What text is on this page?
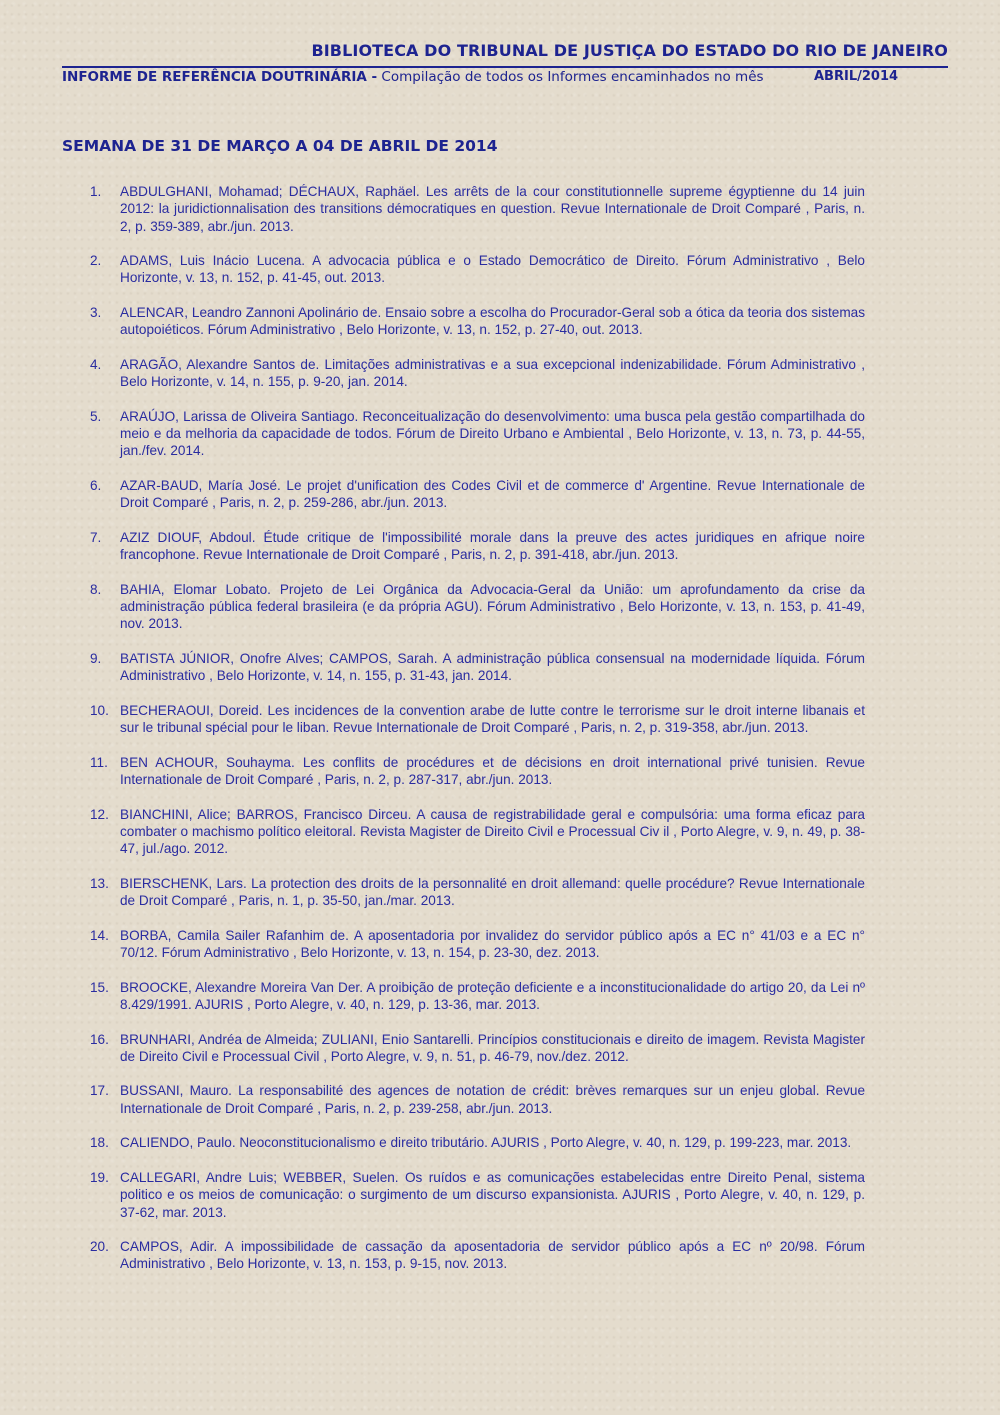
BIBLIOTECA DO TRIBUNAL DE JUSTIÇA DO ESTADO DO RIO DE JANEIRO
INFORME DE REFERÊNCIA DOUTRINÁRIA - Compilação de todos os Informes encaminhados no mês	ABRIL/2014
SEMANA DE 31 DE MARÇO A 04 DE ABRIL DE 2014
1.	ABDULGHANI, Mohamad; DÉCHAUX, Raphäel. Les arrêts de la cour constitutionnelle supreme égyptienne du 14 juin 2012: la juridictionnalisation des transitions démocratiques en question. Revue Internationale de Droit Comparé , Paris, n. 2, p. 359-389, abr./jun. 2013.
2.	ADAMS, Luis Inácio Lucena. A advocacia pública e o Estado Democrático de Direito. Fórum Administrativo , Belo Horizonte, v. 13, n. 152, p. 41-45, out. 2013.
3.	ALENCAR, Leandro Zannoni Apolinário de. Ensaio sobre a escolha do Procurador-Geral sob a ótica da teoria dos sistemas autopoiéticos. Fórum Administrativo , Belo Horizonte, v. 13, n. 152, p. 27-40, out. 2013.
4.	ARAGÃO, Alexandre Santos de. Limitações administrativas e a sua excepcional indenizabilidade. Fórum Administrativo , Belo Horizonte, v. 14, n. 155, p. 9-20, jan. 2014.
5.	ARAÚJO, Larissa de Oliveira Santiago. Reconceitualização do desenvolvimento: uma busca pela gestão compartilhada do meio e da melhoria da capacidade de todos. Fórum de Direito Urbano e Ambiental , Belo Horizonte, v. 13, n. 73, p. 44-55, jan./fev. 2014.
6.	AZAR-BAUD, María José. Le projet d'unification des Codes Civil et de commerce d' Argentine. Revue Internationale de Droit Comparé , Paris, n. 2, p. 259-286, abr./jun. 2013.
7.	AZIZ DIOUF, Abdoul. Étude critique de l'impossibilité morale dans la preuve des actes juridiques en afrique noire francophone. Revue Internationale de Droit Comparé , Paris, n. 2, p. 391-418, abr./jun. 2013.
8.	BAHIA, Elomar Lobato. Projeto de Lei Orgânica da Advocacia-Geral da União: um aprofundamento da crise da administração pública federal brasileira (e da própria AGU). Fórum Administrativo , Belo Horizonte, v. 13, n. 153, p. 41-49, nov. 2013.
9.	BATISTA JÚNIOR, Onofre Alves; CAMPOS, Sarah. A administração pública consensual na modernidade líquida. Fórum Administrativo , Belo Horizonte, v. 14, n. 155, p. 31-43, jan. 2014.
10. BECHERAOUI, Doreid. Les incidences de la convention arabe de lutte contre le terrorisme sur le droit interne libanais et sur le tribunal spécial pour le liban. Revue Internationale de Droit Comparé , Paris, n. 2, p. 319-358, abr./jun. 2013.
11. BEN ACHOUR, Souhayma. Les conflits de procédures et de décisions en droit international privé tunisien. Revue Internationale de Droit Comparé , Paris, n. 2, p. 287-317, abr./jun. 2013.
12. BIANCHINI, Alice; BARROS, Francisco Dirceu. A causa de registrabilidade geral e compulsória: uma forma eficaz para combater o machismo político eleitoral. Revista Magister de Direito Civil e Processual Civ il , Porto Alegre, v. 9, n. 49, p. 38-47, jul./ago. 2012.
13. BIERSCHENK, Lars. La protection des droits de la personnalité en droit allemand: quelle procédure? Revue Internationale de Droit Comparé , Paris, n. 1, p. 35-50, jan./mar. 2013.
14. BORBA, Camila Sailer Rafanhim de. A aposentadoria por invalidez do servidor público após a EC n° 41/03 e a EC n° 70/12. Fórum Administrativo , Belo Horizonte, v. 13, n. 154, p. 23-30, dez. 2013.
15. BROOCKE, Alexandre Moreira Van Der. A proibição de proteção deficiente e a inconstitucionalidade do artigo 20, da Lei nº 8.429/1991. AJURIS , Porto Alegre, v. 40, n. 129, p. 13-36, mar. 2013.
16. BRUNHARI, Andréa de Almeida; ZULIANI, Enio Santarelli. Princípios constitucionais e direito de imagem. Revista Magister de Direito Civil e Processual Civil , Porto Alegre, v. 9, n. 51, p. 46-79, nov./dez. 2012.
17. BUSSANI, Mauro. La responsabilité des agences de notation de crédit: brèves remarques sur un enjeu global. Revue Internationale de Droit Comparé , Paris, n. 2, p. 239-258, abr./jun. 2013.
18. CALIENDO, Paulo. Neoconstitucionalismo e direito tributário. AJURIS , Porto Alegre, v. 40, n. 129, p. 199-223, mar. 2013.
19. CALLEGARI, Andre Luis; WEBBER, Suelen. Os ruídos e as comunicações estabelecidas entre Direito Penal, sistema politico e os meios de comunicação: o surgimento de um discurso expansionista. AJURIS , Porto Alegre, v. 40, n. 129, p. 37-62, mar. 2013.
20. CAMPOS, Adir. A impossibilidade de cassação da aposentadoria de servidor público após a EC nº 20/98. Fórum Administrativo , Belo Horizonte, v. 13, n. 153, p. 9-15, nov. 2013.
